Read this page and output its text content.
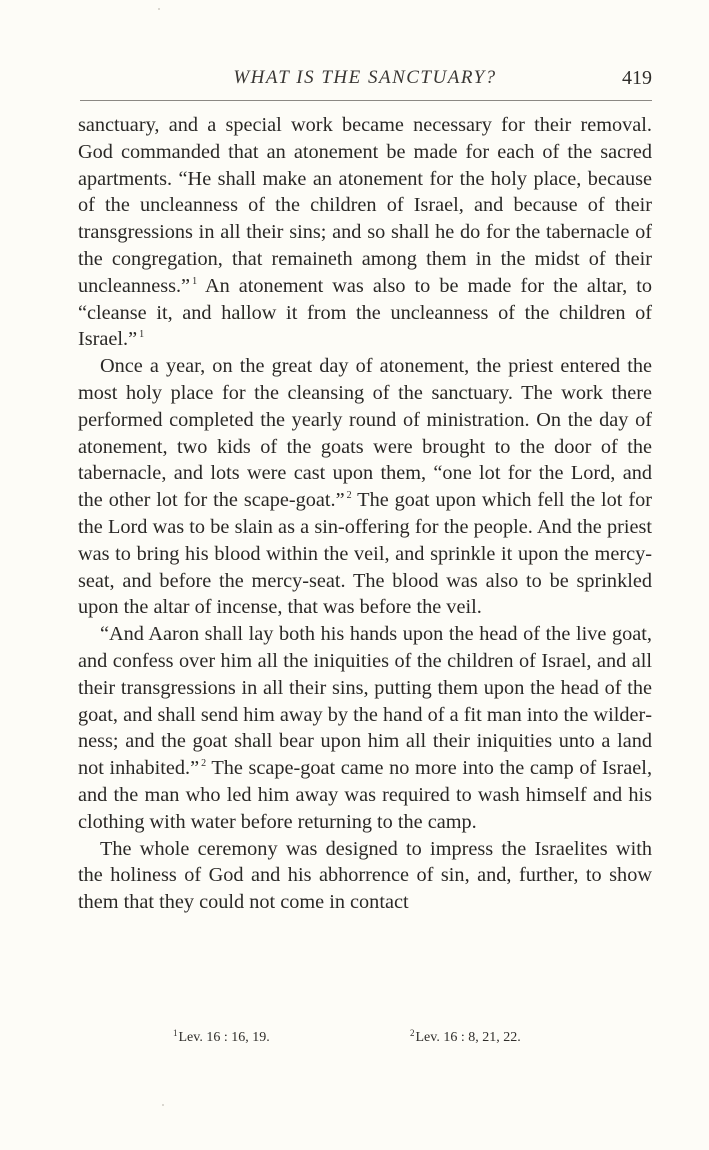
WHAT IS THE SANCTUARY?	419

sanctuary, and a special work became necessary for their removal. God commanded that an atonement be made for each of the sacred apartments. “He shall make an atonement for the holy place, because of the uncleanness of the children of Israel, and because of their transgressions in all their sins; and so shall he do for the tabernacle of the congregation, that remaineth among them in the midst of their uncleanness.” $^1$ An atonement was also to be made for the altar, to “cleanse it, and hallow it from the uncleanness of the children of Israel.” $^1$

Once a year, on the great day of atonement, the priest entered the most holy place for the cleansing of the sanctuary. The work there performed completed the yearly round of ministration. On the day of atonement, two kids of the goats were brought to the door of the tabernacle, and lots were cast upon them, “one lot for the Lord, and the other lot for the scape-goat.” $^2$ The goat upon which fell the lot for the Lord was to be slain as a sin-offering for the people. And the priest was to bring his blood within the veil, and sprinkle it upon the mercy-seat, and before the mercy-seat. The blood was also to be sprinkled upon the altar of incense, that was before the veil.

“And Aaron shall lay both his hands upon the head of the live goat, and confess over him all the iniquities of the children of Israel, and all their transgressions in all their sins, putting them upon the head of the goat, and shall send him away by the hand of a fit man into the wilderness; and the goat shall bear upon him all their iniquities unto a land not inhabited.” $^2$ The scape-goat came no more into the camp of Israel, and the man who led him away was required to wash himself and his clothing with water before returning to the camp.

The whole ceremony was designed to impress the Israelites with the holiness of God and his abhorrence of sin, and, further, to show them that they could not come in contact

$^1$Lev. 16 : 16, 19.	$^2$Lev. 16 : 8, 21, 22.
